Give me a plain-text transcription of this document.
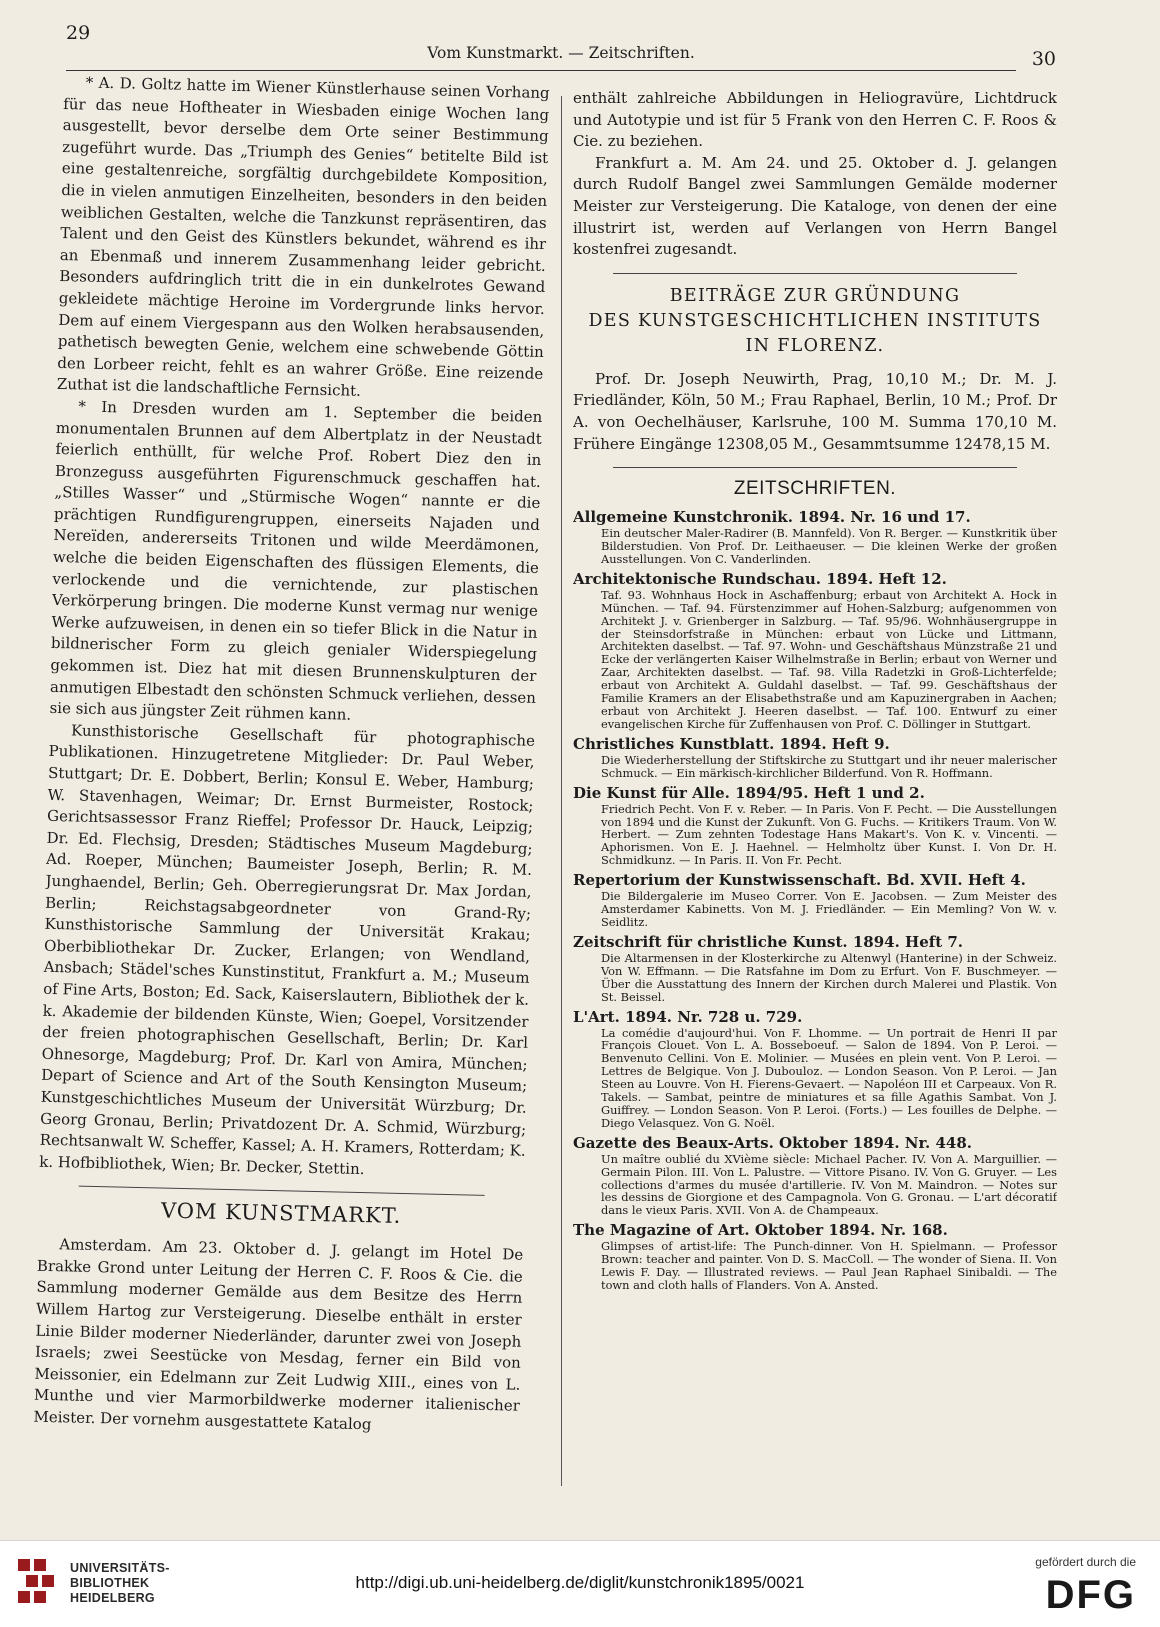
29
Vom Kunstmarkt. — Zeitschriften.	30

* A. D. Goltz hatte im Wiener Künstlerhause seinen Vorhang für das neue Hoftheater in Wiesbaden einige Wochen lang ausgestellt, bevor derselbe dem Orte seiner Bestimmung zugeführt wurde. Das „Triumph des Genies“ betitelte Bild ist eine gestaltenreiche, sorgfältig durchgebildete Komposition, die in vielen anmutigen Einzelheiten, besonders in den beiden weiblichen Gestalten, welche die Tanzkunst repräsentiren, das Talent und den Geist des Künstlers bekundet, während es ihr an Ebenmaß und innerem Zusammenhang leider gebricht. Besonders aufdringlich tritt die in ein dunkelrotes Gewand gekleidete mächtige Heroine im Vordergrunde links hervor. Dem auf einem Viergespann aus den Wolken herabsausenden, pathetisch bewegten Genie, welchem eine schwebende Göttin den Lorbeer reicht, fehlt es an wahrer Größe. Eine reizende Zuthat ist die landschaftliche Fernsicht.

* In Dresden wurden am 1. September die beiden monumentalen Brunnen auf dem Albertplatz in der Neustadt feierlich enthüllt, für welche Prof. Robert Diez den in Bronzeguss ausgeführten Figurenschmuck geschaffen hat. „Stilles Wasser“ und „Stürmische Wogen“ nannte er die prächtigen Rundfigurengruppen, einerseits Najaden und Nereïden, andererseits Tritonen und wilde Meerdämonen, welche die beiden Eigenschaften des flüssigen Elements, die verlockende und die vernichtende, zur plastischen Verkörperung bringen. Die moderne Kunst vermag nur wenige Werke aufzuweisen, in denen ein so tiefer Blick in die Natur in bildnerischer Form zu gleich genialer Widerspiegelung gekommen ist. Diez hat mit diesen Brunnenskulpturen der anmutigen Elbestadt den schönsten Schmuck verliehen, dessen sie sich aus jüngster Zeit rühmen kann.

Kunsthistorische Gesellschaft für photographische Publikationen. Hinzugetretene Mitglieder: Dr. Paul Weber, Stuttgart; Dr. E. Dobbert, Berlin; Konsul E. Weber, Hamburg; W. Stavenhagen, Weimar; Dr. Ernst Burmeister, Rostock; Gerichtsassessor Franz Rieffel; Professor Dr. Hauck, Leipzig; Dr. Ed. Flechsig, Dresden; Städtisches Museum Magdeburg; Ad. Roeper, München; Baumeister Joseph, Berlin; R. M. Junghaendel, Berlin; Geh. Oberregierungsrat Dr. Max Jordan, Berlin; Reichstagsabgeordneter von Grand-Ry; Kunsthistorische Sammlung der Universität Krakau; Oberbibliothekar Dr. Zucker, Erlangen; von Wendland, Ansbach; Städel'sches Kunstinstitut, Frankfurt a. M.; Museum of Fine Arts, Boston; Ed. Sack, Kaiserslautern, Bibliothek der k. k. Akademie der bildenden Künste, Wien; Goepel, Vorsitzender der freien photographischen Gesellschaft, Berlin; Dr. Karl Ohnesorge, Magdeburg; Prof. Dr. Karl von Amira, München; Depart of Science and Art of the South Kensington Museum; Kunstgeschichtliches Museum der Universität Würzburg; Dr. Georg Gronau, Berlin; Privatdozent Dr. A. Schmid, Würzburg; Rechtsanwalt W. Scheffer, Kassel; A. H. Kramers, Rotterdam; K. k. Hofbibliothek, Wien; Br. Decker, Stettin.

VOM KUNSTMARKT.

Amsterdam. Am 23. Oktober d. J. gelangt im Hotel De Brakke Grond unter Leitung der Herren C. F. Roos & Cie. die Sammlung moderner Gemälde aus dem Besitze des Herrn Willem Hartog zur Versteigerung. Dieselbe enthält in erster Linie Bilder moderner Niederländer, darunter zwei von Joseph Israels; zwei Seestücke von Mesdag, ferner ein Bild von Meissonier, ein Edelmann zur Zeit Ludwig XIII., eines von L. Munthe und vier Marmorbildwerke moderner italienischer Meister. Der vornehm ausgestattete Katalog

enthält zahlreiche Abbildungen in Heliogravüre, Lichtdruck und Autotypie und ist für 5 Frank von den Herren C. F. Roos & Cie. zu beziehen.

Frankfurt a. M. Am 24. und 25. Oktober d. J. gelangen durch Rudolf Bangel zwei Sammlungen Gemälde moderner Meister zur Versteigerung. Die Kataloge, von denen der eine illustrirt ist, werden auf Verlangen von Herrn Bangel kostenfrei zugesandt.

BEITRÄGE ZUR GRÜNDUNG
DES KUNSTGESCHICHTLICHEN INSTITUTS
IN FLORENZ.

Prof. Dr. Joseph Neuwirth, Prag, 10,10 M.; Dr. M. J. Friedländer, Köln, 50 M.; Frau Raphael, Berlin, 10 M.; Prof. Dr A. von Oechelhäuser, Karlsruhe, 100 M. Summa 170,10 M. Frühere Eingänge 12308,05 M., Gesammtsumme 12478,15 M.

ZEITSCHRIFTEN.
Allgemeine Kunstchronik. 1894. Nr. 16 und 17.
Ein deutscher Maler-Radirer (B. Mannfeld). Von R. Berger. — Kunstkritik über Bilderstudien. Von Prof. Dr. Leithaeuser. — Die kleinen Werke der großen Ausstellungen. Von C. Vanderlinden.
Architektonische Rundschau. 1894. Heft 12.
Taf. 93. Wohnhaus Hock in Aschaffenburg; erbaut von Architekt A. Hock in München. — Taf. 94. Fürstenzimmer auf Hohen-Salzburg; aufgenommen von Architekt J. v. Grienberger in Salzburg. — Taf. 95/96. Wohnhäusergruppe in der Steinsdorfstraße in München: erbaut von Lücke und Littmann, Architekten daselbst. — Taf. 97. Wohn- und Geschäftshaus Münzstraße 21 und Ecke der verlängerten Kaiser Wilhelmstraße in Berlin; erbaut von Werner und Zaar, Architekten daselbst. — Taf. 98. Villa Radetzki in Groß-Lichterfelde; erbaut von Architekt A. Guldahl daselbst. — Taf. 99. Geschäftshaus der Familie Kramers an der Elisabethstraße und am Kapuzinergraben in Aachen; erbaut von Architekt J. Heeren daselbst. — Taf. 100. Entwurf zu einer evangelischen Kirche für Zuffenhausen von Prof. C. Döllinger in Stuttgart.
Christliches Kunstblatt. 1894. Heft 9.
Die Wiederherstellung der Stiftskirche zu Stuttgart und ihr neuer malerischer Schmuck. — Ein märkisch-kirchlicher Bilderfund. Von R. Hoffmann.
Die Kunst für Alle. 1894/95. Heft 1 und 2.
Friedrich Pecht. Von F. v. Reber. — In Paris. Von F. Pecht. — Die Ausstellungen von 1894 und die Kunst der Zukunft. Von G. Fuchs. — Kritikers Traum. Von W. Herbert. — Zum zehnten Todestage Hans Makart's. Von K. v. Vincenti. — Aphorismen. Von E. J. Haehnel. — Helmholtz über Kunst. I. Von Dr. H. Schmidkunz. — In Paris. II. Von Fr. Pecht.
Repertorium der Kunstwissenschaft. Bd. XVII. Heft 4.
Die Bildergalerie im Museo Correr. Von E. Jacobsen. — Zum Meister des Amsterdamer Kabinetts. Von M. J. Friedländer. — Ein Memling? Von W. v. Seidlitz.
Zeitschrift für christliche Kunst. 1894. Heft 7.
Die Altarmensen in der Klosterkirche zu Altenwyl (Hanterine) in der Schweiz. Von W. Effmann. — Die Ratsfahne im Dom zu Erfurt. Von F. Buschmeyer. — Über die Ausstattung des Innern der Kirchen durch Malerei und Plastik. Von St. Beissel.
L'Art. 1894. Nr. 728 u. 729.
La comédie d'aujourd'hui. Von F. Lhomme. — Un portrait de Henri II par François Clouet. Von L. A. Bosseboeuf. — Salon de 1894. Von P. Leroi. — Benvenuto Cellini. Von E. Molinier. — Musées en plein vent. Von P. Leroi. — Lettres de Belgique. Von J. Dubouloz. — London Season. Von P. Leroi. — Jan Steen au Louvre. Von H. Fierens-Gevaert. — Napoléon III et Carpeaux. Von R. Takels. — Sambat, peintre de miniatures et sa fille Agathis Sambat. Von J. Guiffrey. — London Season. Von P. Leroi. (Forts.) — Les fouilles de Delphe. — Diego Velasquez. Von G. Noël.
Gazette des Beaux-Arts. Oktober 1894. Nr. 448.
Un maître oublié du XVième siècle: Michael Pacher. IV. Von A. Marguillier. — Germain Pilon. III. Von L. Palustre. — Vittore Pisano. IV. Von G. Gruyer. — Les collections d'armes du musée d'artillerie. IV. Von M. Maindron. — Notes sur les dessins de Giorgione et des Campagnola. Von G. Gronau. — L'art décoratif dans le vieux Paris. XVII. Von A. de Champeaux.
The Magazine of Art. Oktober 1894. Nr. 168.
Glimpses of artist-life: The Punch-dinner. Von H. Spielmann. — Professor Brown: teacher and painter. Von D. S. MacColl. — The wonder of Siena. II. Von Lewis F. Day. — Illustrated reviews. — Paul Jean Raphael Sinibaldi. — The town and cloth halls of Flanders. Von A. Ansted.
UNIVERSITÄTS-
BIBLIOTHEK
HEIDELBERG
http://digi.ub.uni-heidelberg.de/diglit/kunstchronik1895/0021
gefördert durch die
DFG
